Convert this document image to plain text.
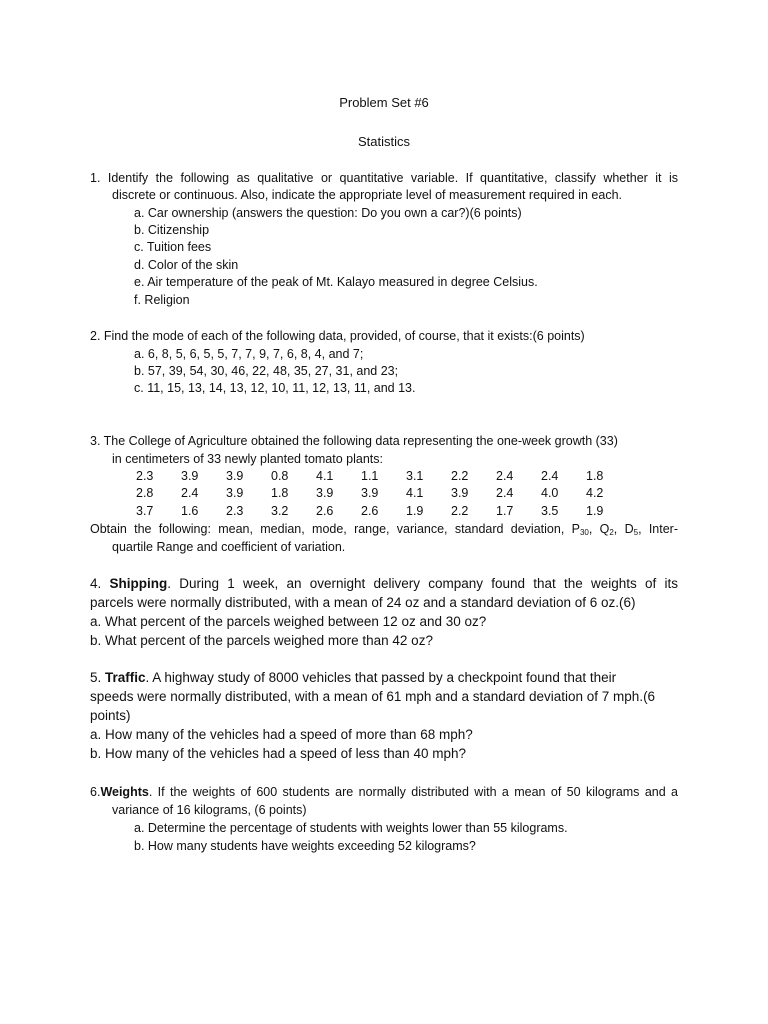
Problem Set #6
Statistics
1. Identify the following as qualitative or quantitative variable. If quantitative, classify whether it is
discrete or continuous. Also, indicate the appropriate level of measurement required in each.
a. Car ownership (answers the question: Do you own a car?)(6 points)
b. Citizenship
c. Tuition fees
d. Color of the skin
e. Air temperature of the peak of Mt. Kalayo measured in degree Celsius.
f. Religion
2. Find the mode of each of the following data, provided, of course, that it exists:(6 points)
a. 6, 8, 5, 6, 5, 5, 7, 7, 9, 7, 6, 8, 4, and 7;
b. 57, 39, 54, 30, 46, 22, 48, 35, 27, 31, and 23;
c. 11, 15, 13, 14, 13, 12, 10, 11, 12, 13, 11, and 13.
3. The College of Agriculture obtained the following data representing the one-week growth (33)
in centimeters of 33 newly planted tomato plants:
2.3 3.9 3.9 0.8 4.1 1.1 3.1 2.2 2.4 2.4 1.8
2.8 2.4 3.9 1.8 3.9 3.9 4.1 3.9 2.4 4.0 4.2
3.7 1.6 2.3 3.2 2.6 2.6 1.9 2.2 1.7 3.5 1.9
Obtain the following: mean, median, mode, range, variance, standard deviation, $P_{30}$, $Q_2$, $D_5$, Inter-
quartile Range and coefficient of variation.
4. Shipping. During 1 week, an overnight delivery company found that the weights of its
parcels were normally distributed, with a mean of 24 oz and a standard deviation of 6 oz.(6)
a. What percent of the parcels weighed between 12 oz and 30 oz?
b. What percent of the parcels weighed more than 42 oz?
5. Traffic. A highway study of 8000 vehicles that passed by a checkpoint found that their
speeds were normally distributed, with a mean of 61 mph and a standard deviation of 7 mph.(6
points)
a. How many of the vehicles had a speed of more than 68 mph?
b. How many of the vehicles had a speed of less than 40 mph?
6.Weights. If the weights of 600 students are normally distributed with a mean of 50 kilograms and a
variance of 16 kilograms, (6 points)
a. Determine the percentage of students with weights lower than 55 kilograms.
b. How many students have weights exceeding 52 kilograms?
